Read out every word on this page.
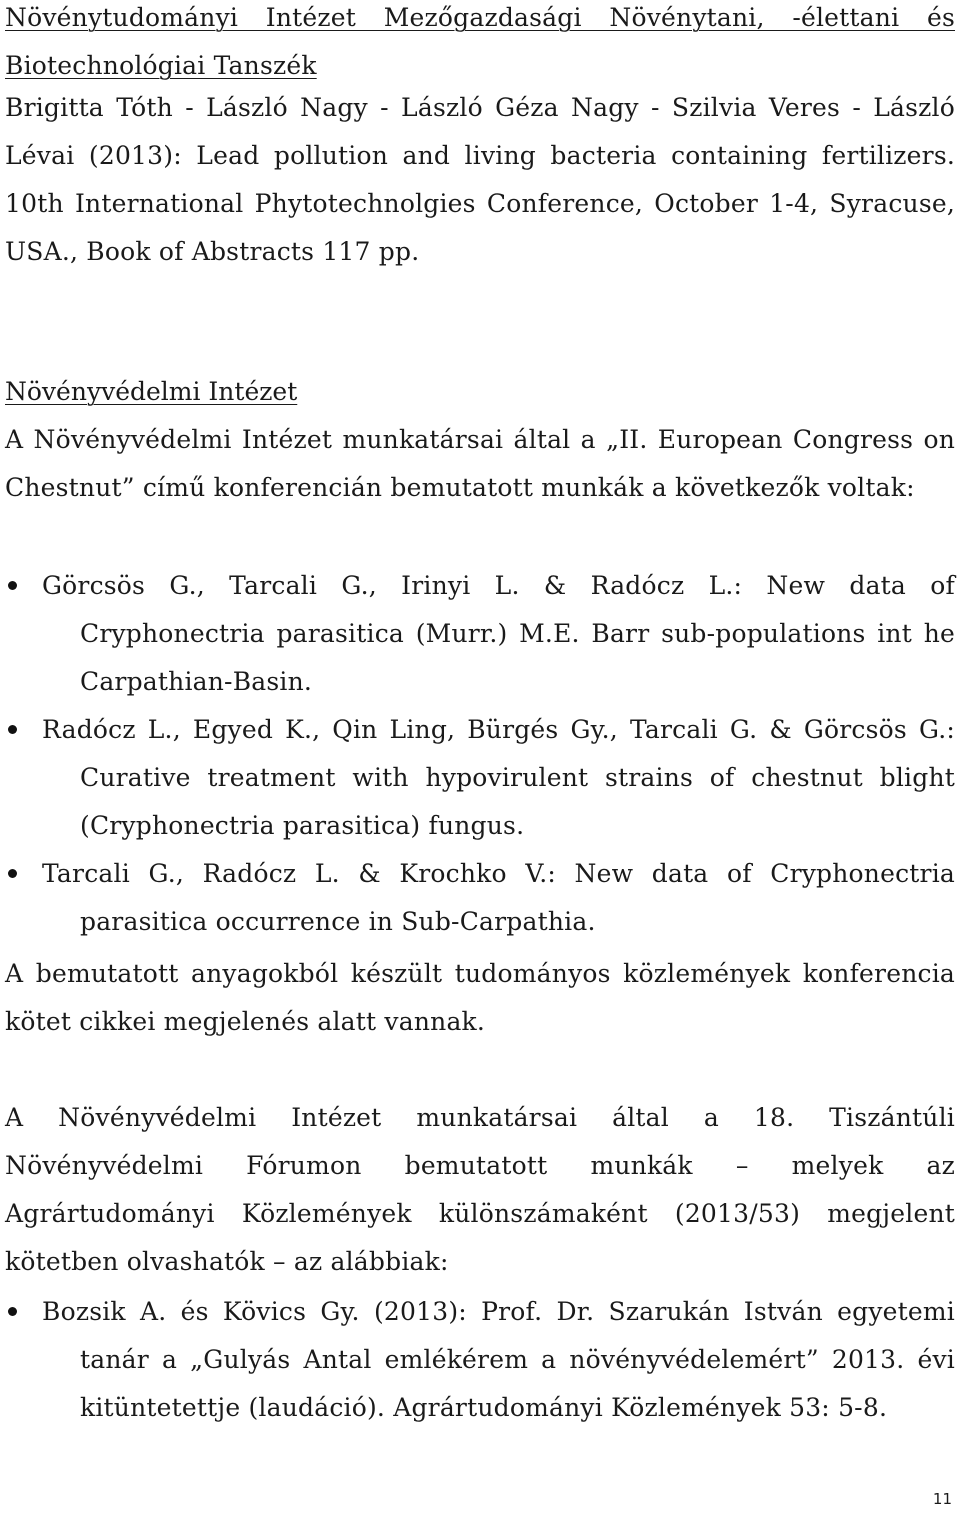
Növénytudományi Intézet Mezőgazdasági Növénytani, -élettani és Biotechnológiai Tanszék
Brigitta Tóth - László Nagy - László Géza Nagy - Szilvia Veres - László Lévai (2013): Lead pollution and living bacteria containing fertilizers. 10th International Phytotechnolgies Conference, October 1-4, Syracuse, USA., Book of Abstracts 117 pp.
Növényvédelmi Intézet
A Növényvédelmi Intézet munkatársai által a „II. European Congress on Chestnut” című konferencián bemutatott munkák a következők voltak:
Görcsös G., Tarcali G., Irinyi L. & Radócz L.: New data of Cryphonectria parasitica (Murr.) M.E. Barr sub-populations int he Carpathian-Basin.
Radócz L., Egyed K., Qin Ling, Bürgés Gy., Tarcali G. & Görcsös G.: Curative treatment with hypovirulent strains of chestnut blight (Cryphonectria parasitica) fungus.
Tarcali G., Radócz L. & Krochko V.: New data of Cryphonectria parasitica occurrence in Sub-Carpathia.
A bemutatott anyagokból készült tudományos közlemények konferencia kötet cikkei megjelenés alatt vannak.
A Növényvédelmi Intézet munkatársai által a 18. Tiszántúli Növényvédelmi Fórumon bemutatott munkák – melyek az Agrártudományi Közlemények különszámaként (2013/53) megjelent kötetben olvashatók – az alábbiak:
Bozsik A. és Kövics Gy. (2013): Prof. Dr. Szarukán István egyetemi tanár a „Gulyás Antal emlékérem a növényvédelemért” 2013. évi kitüntetettje (laudáció). Agrártudományi Közlemények 53: 5-8.
11
